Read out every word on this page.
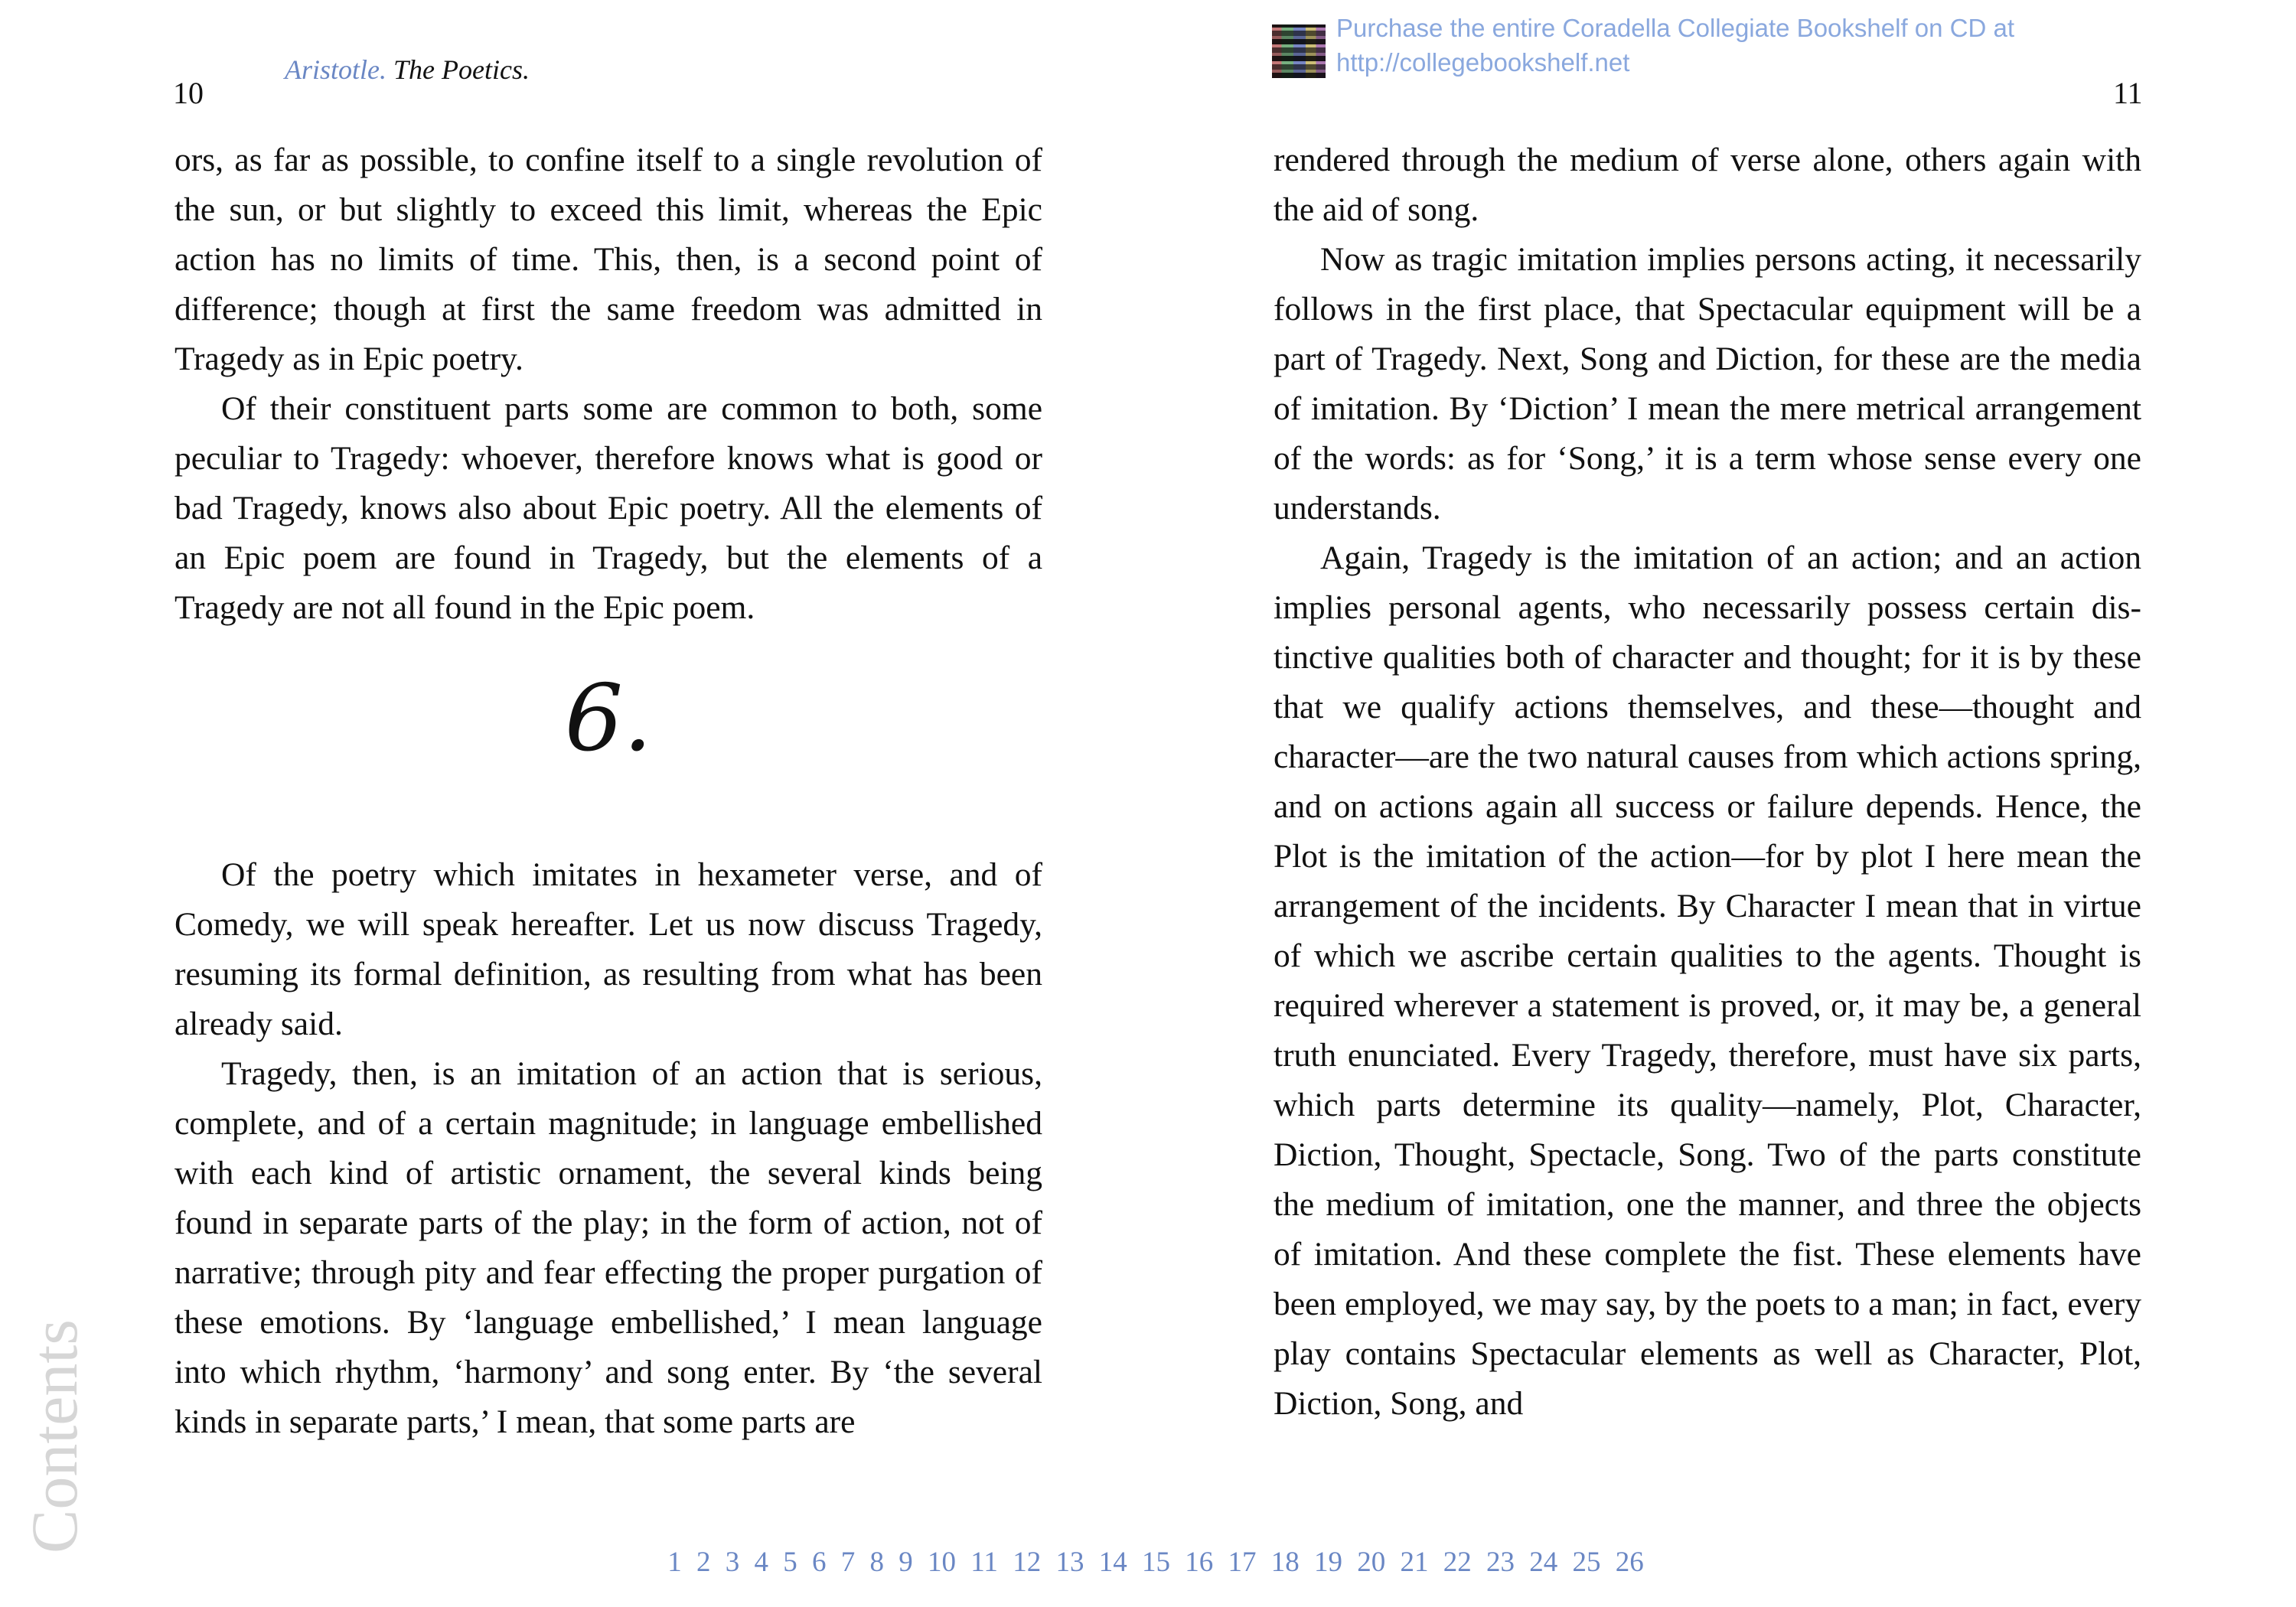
10	11
Aristotle. The Poetics.
Purchase the entire Coradella Collegiate Bookshelf on CD at
http://collegebookshelf.net

ors, as far as possible, to confine itself to a single revolution of the sun, or but slightly to exceed this limit, whereas the Epic action has no limits of time. This, then, is a second point of difference; though at first the same freedom was admitted in Tragedy as in Epic poetry.

Of their constituent parts some are common to both, some peculiar to Tragedy: whoever, therefore knows what is good or bad Tragedy, knows also about Epic poetry. All the elements of an Epic poem are found in Tragedy, but the elements of a Tragedy are not all found in the Epic poem.

6.

Of the poetry which imitates in hexameter verse, and of Comedy, we will speak hereafter. Let us now discuss Tragedy, resuming its formal definition, as resulting from what has been already said.

Tragedy, then, is an imitation of an action that is serious, complete, and of a certain magnitude; in language embellished with each kind of artistic ornament, the several kinds being found in separate parts of the play; in the form of action, not of narrative; through pity and fear effecting the proper purgation of these emotions. By ‘language embellished,’ I mean language into which rhythm, ‘harmony’ and song enter. By ‘the several kinds in separate parts,’ I mean, that some parts are

rendered through the medium of verse alone, others again with the aid of song.

Now as tragic imitation implies persons acting, it necessarily follows in the first place, that Spectacular equipment will be a part of Tragedy. Next, Song and Diction, for these are the media of imitation. By ‘Diction’ I mean the mere metrical arrangement of the words: as for ‘Song,’ it is a term whose sense every one understands.

Again, Tragedy is the imitation of an action; and an action implies personal agents, who necessarily possess certain distinctive qualities both of character and thought; for it is by these that we qualify actions themselves, and these—thought and character—are the two natural causes from which actions spring, and on actions again all success or failure depends. Hence, the Plot is the imitation of the action—for by plot I here mean the arrangement of the incidents. By Character I mean that in virtue of which we ascribe certain qualities to the agents. Thought is required wherever a statement is proved, or, it may be, a general truth enunciated. Every Tragedy, therefore, must have six parts, which parts determine its quality—namely, Plot, Character, Diction, Thought, Spectacle, Song. Two of the parts constitute the medium of imitation, one the manner, and three the objects of imitation. And these complete the fist. These elements have been employed, we may say, by the poets to a man; in fact, every play contains Spectacular elements as well as Character, Plot, Diction, Song, and

Contents
1 2 3 4 5 6 7 8 9 10 11 12 13 14 15 16 17 18 19 20 21 22 23 24 25 26
